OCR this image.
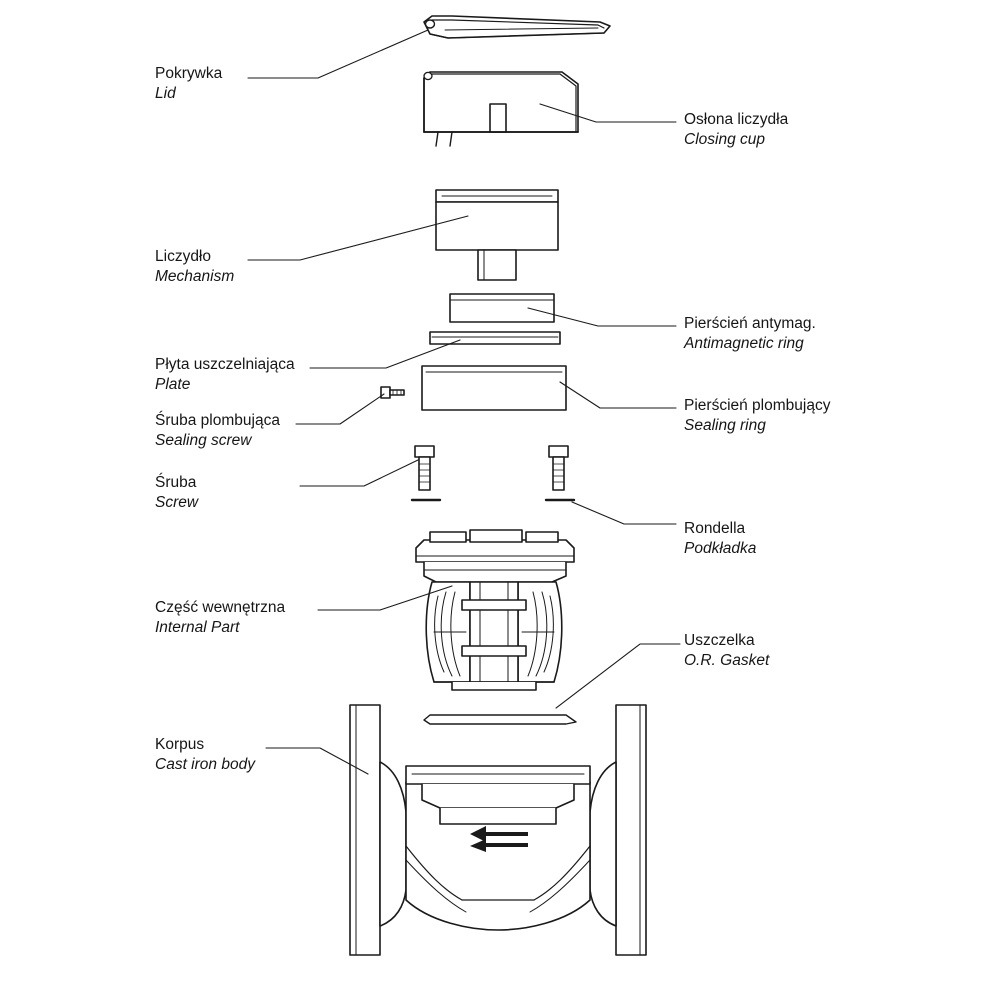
Pokrywka
Lid
Osłona liczydła
Closing cup
Liczydło
Mechanism
Pierścień antymag.
Antimagnetic ring
Płyta uszczelniająca
Plate
Pierścień plombujący
Sealing ring
Śruba plombująca
Sealing screw
Śruba
Screw
Rondella
Podkładka
Część wewnętrzna
Internal Part
Uszczelka
O.R. Gasket
Korpus
Cast iron body
